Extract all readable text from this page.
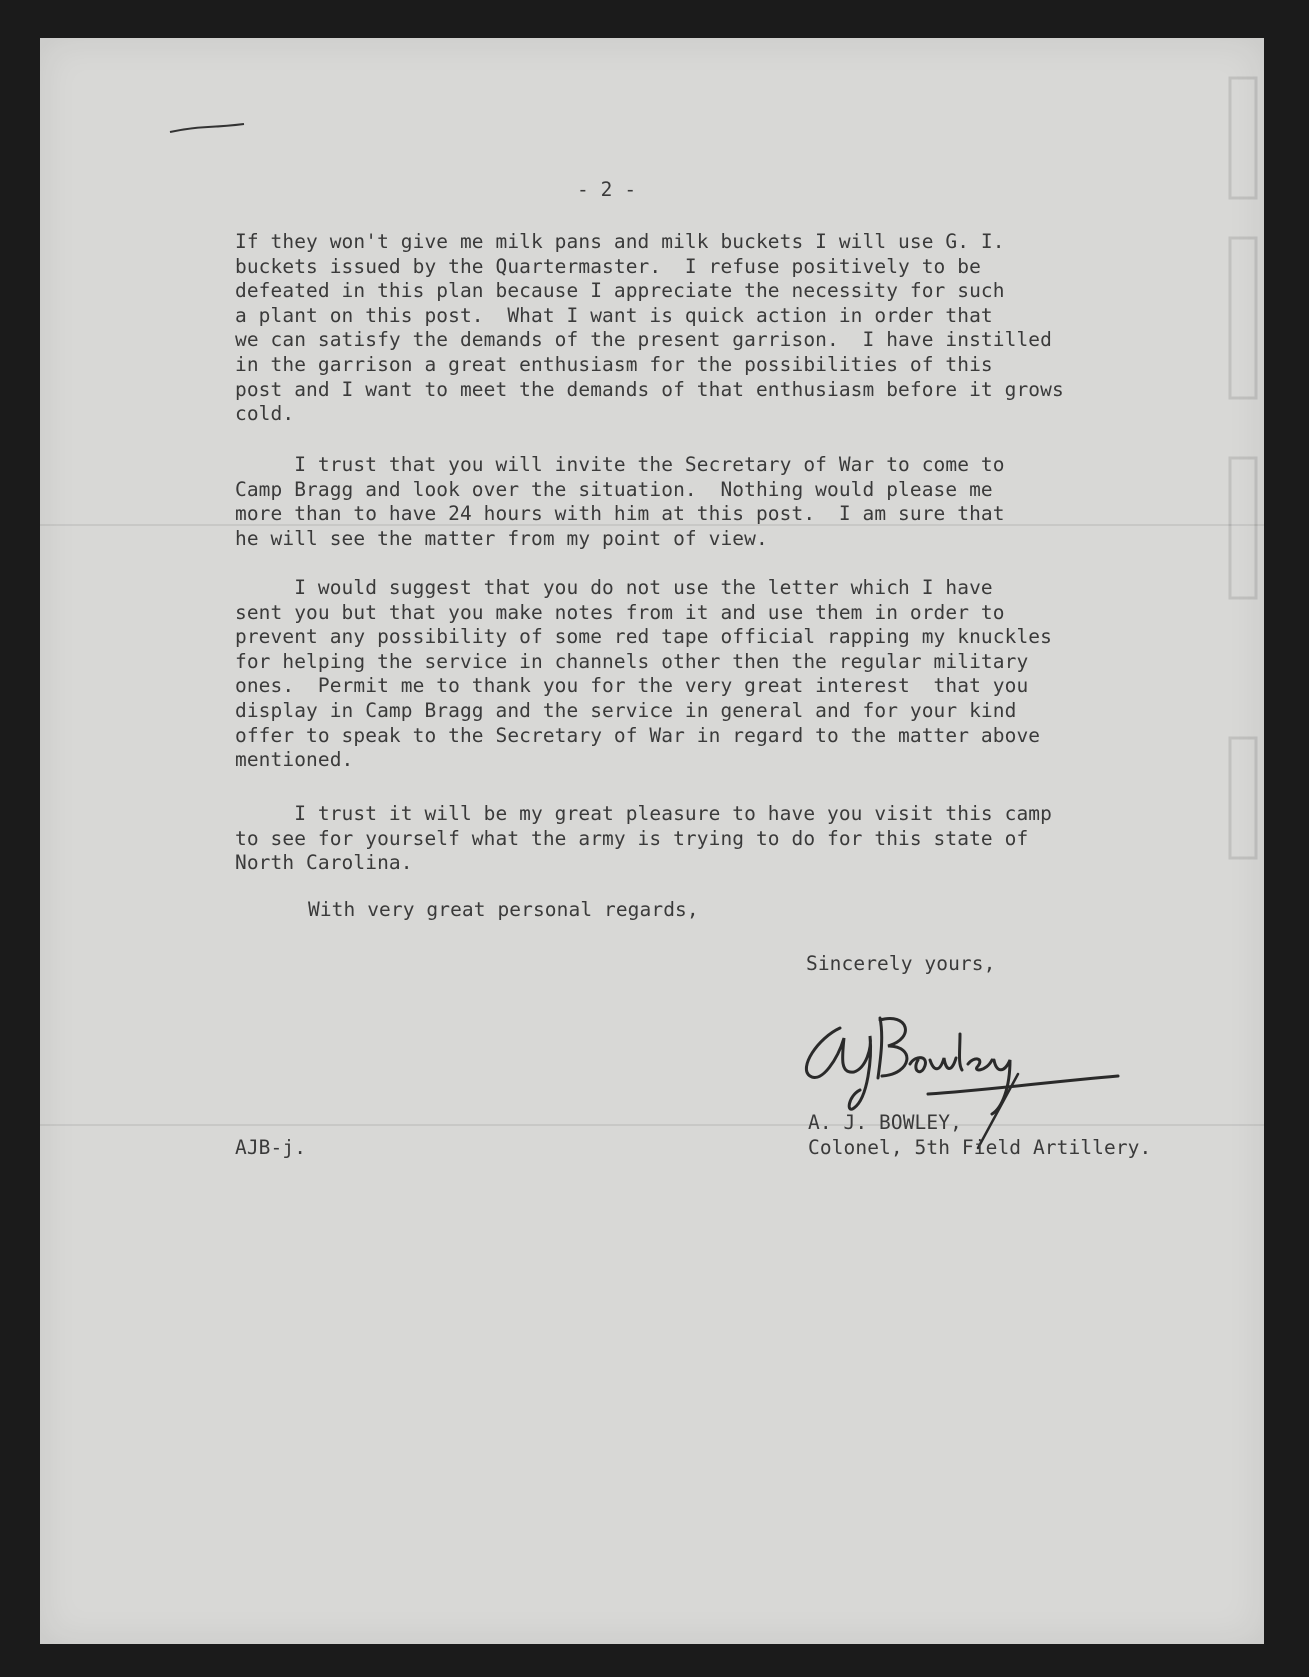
- 2 -
If they won't give me milk pans and milk buckets I will use G. I.
buckets issued by the Quartermaster.  I refuse positively to be
defeated in this plan because I appreciate the necessity for such
a plant on this post.  What I want is quick action in order that
we can satisfy the demands of the present garrison.  I have instilled
in the garrison a great enthusiasm for the possibilities of this
post and I want to meet the demands of that enthusiasm before it grows
cold.
I trust that you will invite the Secretary of War to come to
Camp Bragg and look over the situation.  Nothing would please me
more than to have 24 hours with him at this post.  I am sure that
he will see the matter from my point of view.
I would suggest that you do not use the letter which I have
sent you but that you make notes from it and use them in order to
prevent any possibility of some red tape official rapping my knuckles
for helping the service in channels other then the regular military
ones.  Permit me to thank you for the very great interest  that you
display in Camp Bragg and the service in general and for your kind
offer to speak to the Secretary of War in regard to the matter above
mentioned.
I trust it will be my great pleasure to have you visit this camp
to see for yourself what the army is trying to do for this state of
North Carolina.
With very great personal regards,
Sincerely yours,
A. J. BOWLEY,
Colonel, 5th Field Artillery.
AJB-j.
